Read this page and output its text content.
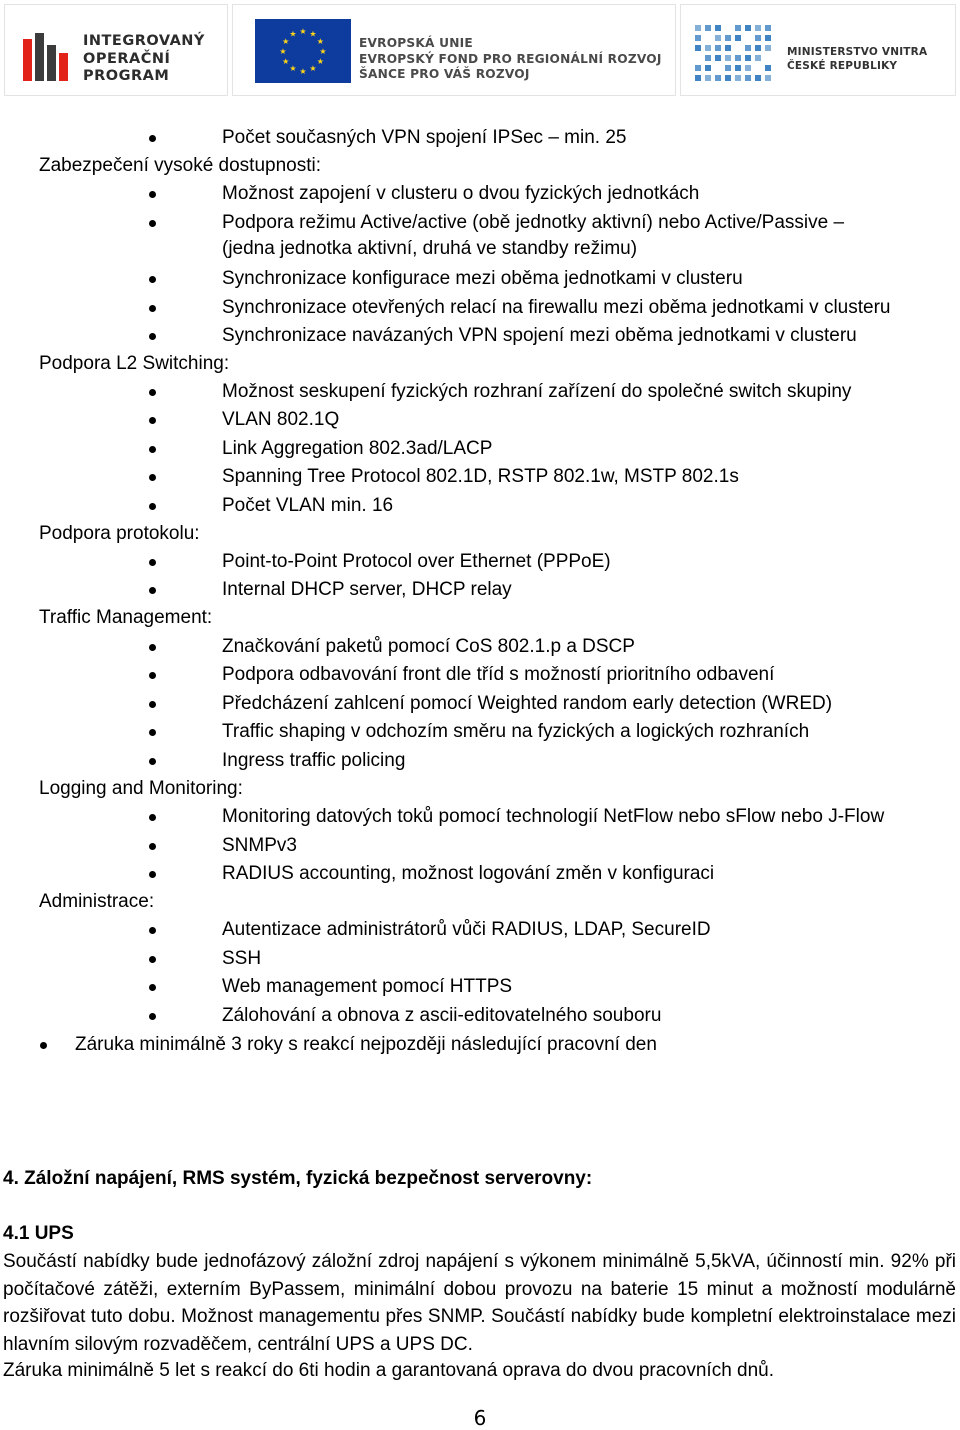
INTEGROVANÝ
OPERAČNÍ
PROGRAM
★ ★
★
★
★
★
★
★
★
★
★
★
EVROPSKÁ UNIE
EVROPSKÝ FOND PRO REGIONÁLNÍ ROZVOJ
ŠANCE PRO VÁŠ ROZVOJ
MINISTERSTVO VNITRA
ČESKÉ REPUBLIKY
Počet současných VPN spojení IPSec – min. 25
Zabezpečení vysoké dostupnosti:
Možnost zapojení v clusteru o dvou fyzických jednotkách
Podpora režimu Active/active (obě jednotky aktivní) nebo Active/Passive –
(jedna jednotka aktivní, druhá ve standby režimu)
Synchronizace konfigurace mezi oběma jednotkami v clusteru
Synchronizace otevřených relací na firewallu mezi oběma jednotkami v clusteru
Synchronizace navázaných VPN spojení mezi oběma jednotkami v clusteru
Podpora L2 Switching:
Možnost seskupení fyzických rozhraní zařízení do společné switch skupiny
VLAN 802.1Q
Link Aggregation 802.3ad/LACP
Spanning Tree Protocol 802.1D, RSTP 802.1w, MSTP 802.1s
Počet VLAN min. 16
Podpora protokolu:
Point-to-Point Protocol over Ethernet (PPPoE)
Internal DHCP server, DHCP relay
Traffic Management:
Značkování paketů pomocí CoS 802.1.p a DSCP
Podpora odbavování front dle tříd s možností prioritního odbavení
Předcházení zahlcení pomocí Weighted random early detection (WRED)
Traffic shaping v odchozím směru na fyzických a logických rozhraních
Ingress traffic policing
Logging and Monitoring:
Monitoring datových toků pomocí technologií NetFlow nebo sFlow nebo J-Flow
SNMPv3
RADIUS accounting, možnost logování změn v konfiguraci
Administrace:
Autentizace administrátorů vůči RADIUS, LDAP, SecureID
SSH
Web management pomocí HTTPS
Zálohování a obnova z ascii-editovatelného souboru
Záruka minimálně 3 roky s reakcí nejpozději následující pracovní den
4. Záložní napájení, RMS systém, fyzická bezpečnost serverovny:
4.1 UPS
Součástí nabídky bude jednofázový záložní zdroj napájení s výkonem minimálně 5,5kVA, účinností min. 92% při počítačové zátěži, externím ByPassem, minimální dobou provozu na baterie 15 minut a možností modulárně rozšiřovat tuto dobu. Možnost managementu přes SNMP. Součástí nabídky bude kompletní elektroinstalace mezi hlavním silovým rozvaděčem, centrální UPS a UPS DC.
Záruka minimálně 5 let s reakcí do 6ti hodin a garantovaná oprava do dvou pracovních dnů.
6
